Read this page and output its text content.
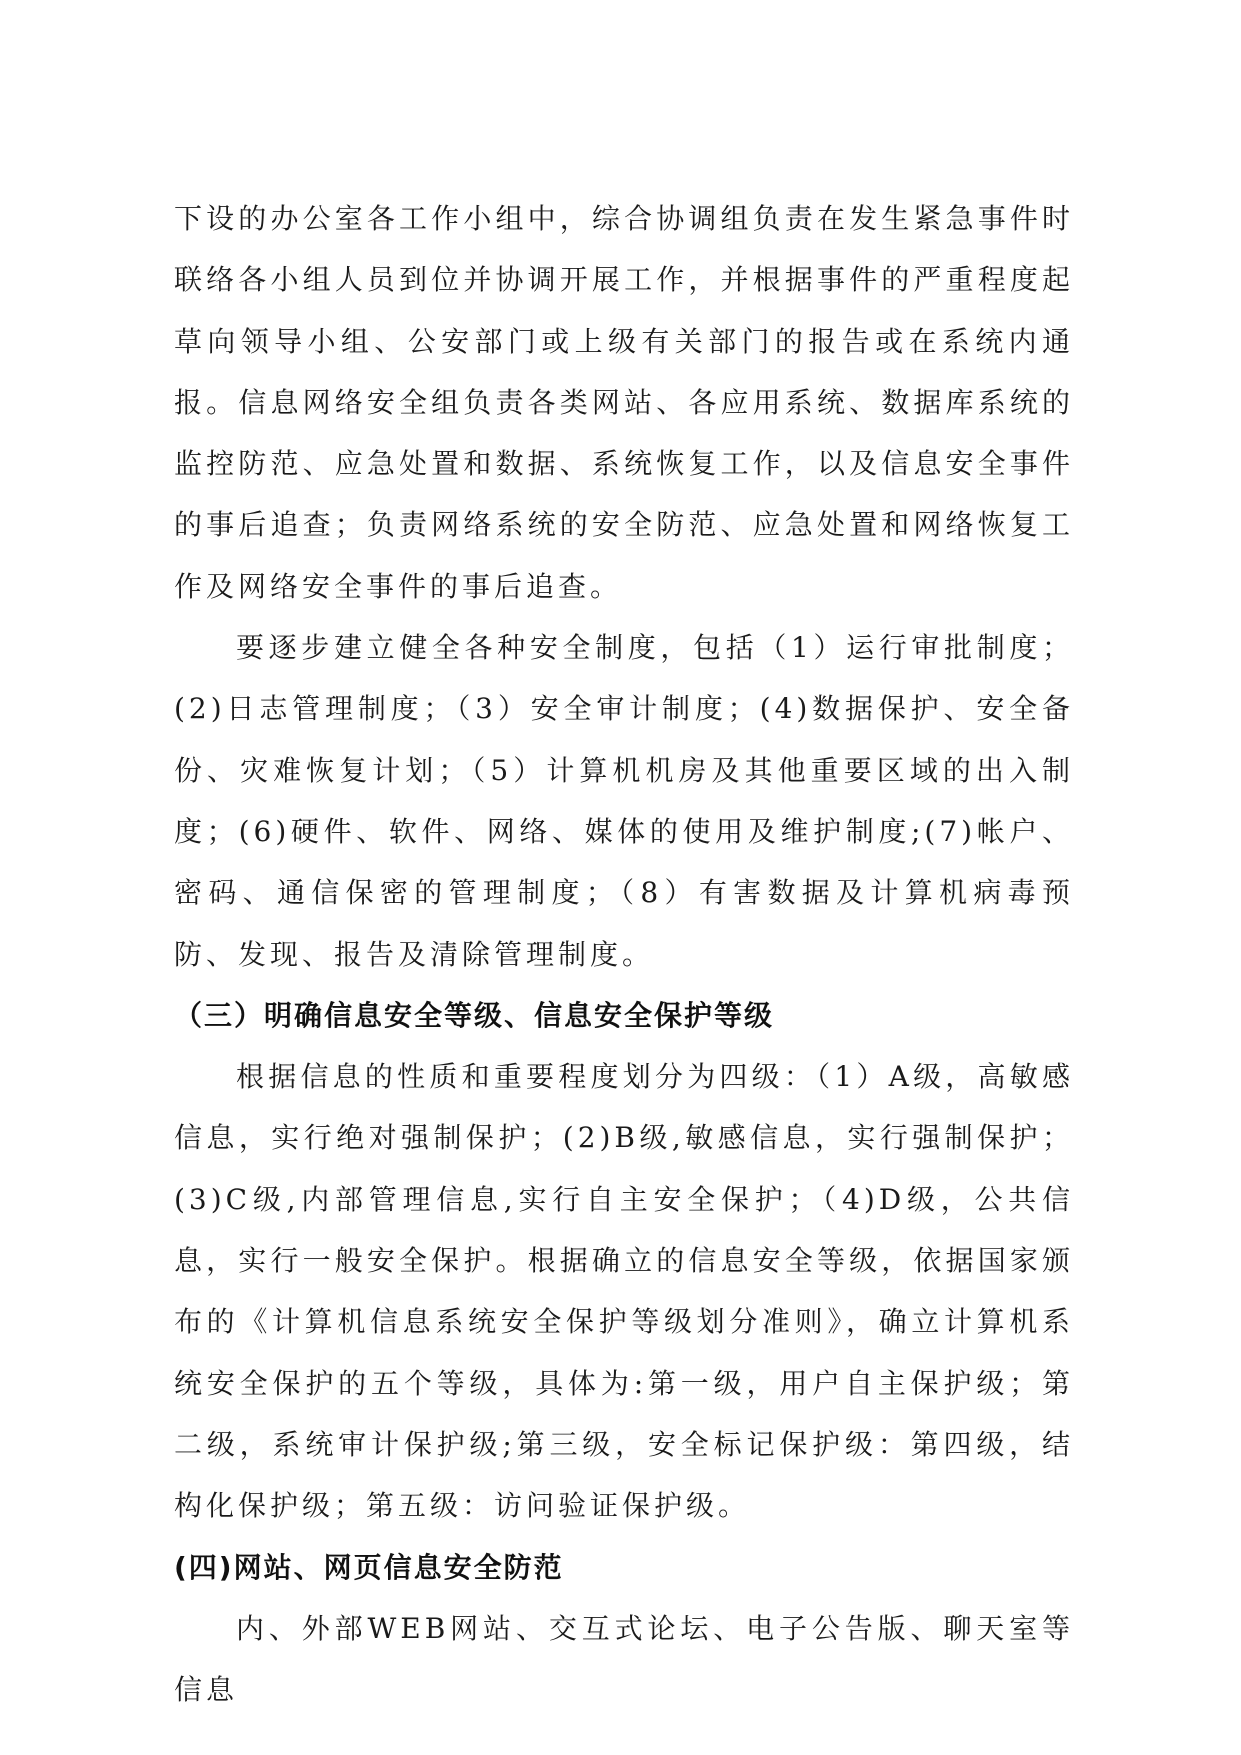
下设的办公室各工作小组中，综合协调组负责在发生紧急事件时联络各小组人员到位并协调开展工作，并根据事件的严重程度起草向领导小组、公安部门或上级有关部门的报告或在系统内通报。信息网络安全组负责各类网站、各应用系统、数据库系统的监控防范、应急处置和数据、系统恢复工作，以及信息安全事件的事后追查；负责网络系统的安全防范、应急处置和网络恢复工作及网络安全事件的事后追查。

要逐步建立健全各种安全制度，包括（1）运行审批制度；(2)日志管理制度；（3）安全审计制度；(4)数据保护、安全备份、灾难恢复计划；（5）计算机机房及其他重要区域的出入制度；(6)硬件、软件、网络、媒体的使用及维护制度;(7)帐户、密码、通信保密的管理制度；（8）有害数据及计算机病毒预防、发现、报告及清除管理制度。

（三）明确信息安全等级、信息安全保护等级

根据信息的性质和重要程度划分为四级：（1）A级，高敏感信息，实行绝对强制保护；(2)B级,敏感信息，实行强制保护；(3)C级,内部管理信息,实行自主安全保护；（4)D级，公共信息，实行一般安全保护。根据确立的信息安全等级，依据国家颁布的《计算机信息系统安全保护等级划分准则》，确立计算机系统安全保护的五个等级，具体为:第一级，用户自主保护级；第二级，系统审计保护级;第三级，安全标记保护级：第四级，结构化保护级；第五级：访问验证保护级。

(四)网站、网页信息安全防范

内、外部WEB网站、交互式论坛、电子公告版、聊天室等信息
